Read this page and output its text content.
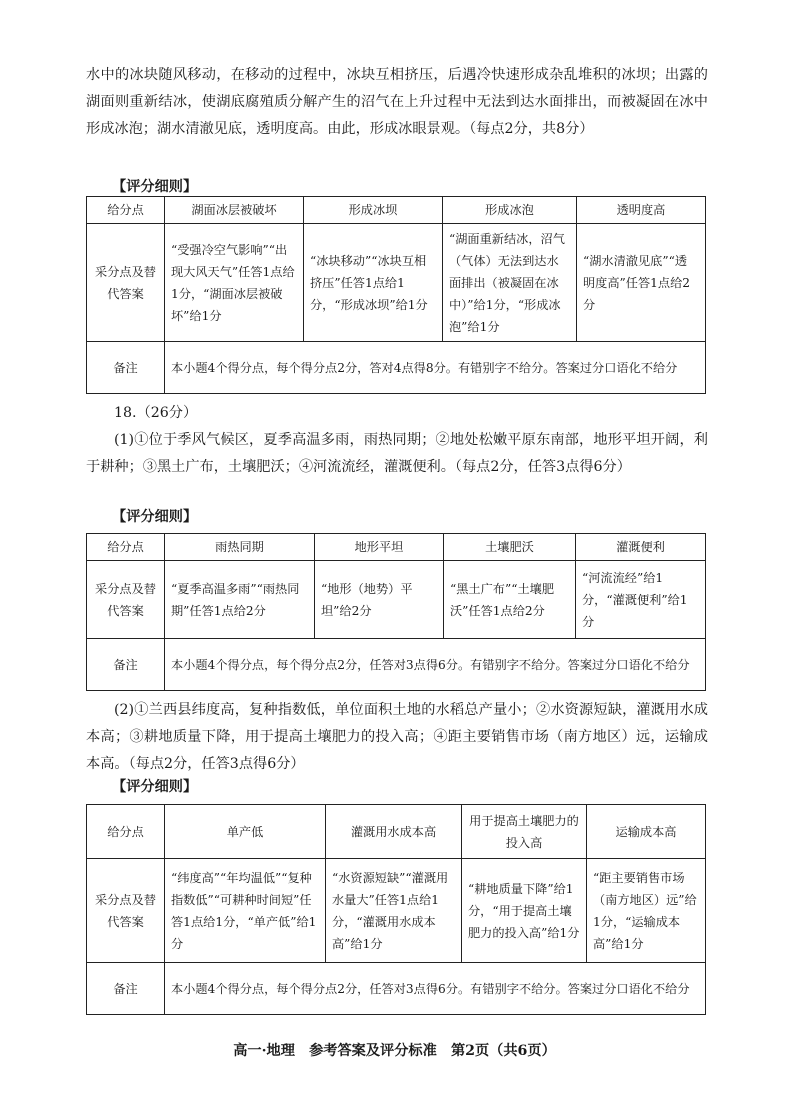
水中的冰块随风移动，在移动的过程中，冰块互相挤压，后遇冷快速形成杂乱堆积的冰坝；出露的湖面则重新结冰，使湖底腐殖质分解产生的沼气在上升过程中无法到达水面排出，而被凝固在冰中形成冰泡；湖水清澈见底，透明度高。由此，形成冰眼景观。（每点2分，共8分）

【评分细则】

给分点	湖面冰层被破坏	形成冰坝	形成冰泡	透明度高
采分点及替代答案	“受强冷空气影响”“出现大风天气”任答1点给1分，“湖面冰层被破坏”给1分	“冰块移动”“冰块互相挤压”任答1点给1分，“形成冰坝”给1分	“湖面重新结冰，沼气（气体）无法到达水面排出（被凝固在冰中）”给1分，“形成冰泡”给1分	“湖水清澈见底”“透明度高”任答1点给2分
备注	本小题4个得分点，每个得分点2分，答对4点得8分。有错别字不给分。答案过分口语化不给分			

18.（26分）

(1)①位于季风气候区，夏季高温多雨，雨热同期；②地处松嫩平原东南部，地形平坦开阔，利于耕种；③黑土广布，土壤肥沃；④河流流经，灌溉便利。（每点2分，任答3点得6分）

【评分细则】

给分点	雨热同期	地形平坦	土壤肥沃	灌溉便利
采分点及替代答案	“夏季高温多雨”“雨热同期”任答1点给2分	“地形（地势）平坦”给2分	“黑土广布”“土壤肥沃”任答1点给2分	“河流流经”给1分，“灌溉便利”给1分
备注	本小题4个得分点，每个得分点2分，任答对3点得6分。有错别字不给分。答案过分口语化不给分			

(2)①兰西县纬度高，复种指数低，单位面积土地的水稻总产量小；②水资源短缺，灌溉用水成本高；③耕地质量下降，用于提高土壤肥力的投入高；④距主要销售市场（南方地区）远，运输成本高。（每点2分，任答3点得6分）

【评分细则】

给分点	单产低	灌溉用水成本高	用于提高土壤肥力的投入高	运输成本高
采分点及替代答案	“纬度高”“年均温低”“复种指数低”“可耕种时间短”任答1点给1分，“单产低”给1分	“水资源短缺”“灌溉用水量大”任答1点给1分，“灌溉用水成本高”给1分	“耕地质量下降”给1分，“用于提高土壤肥力的投入高”给1分	“距主要销售市场（南方地区）远”给1分，“运输成本高”给1分
备注	本小题4个得分点，每个得分点2分，任答对3点得6分。有错别字不给分。答案过分口语化不给分			

高一·地理　参考答案及评分标准　第2页（共6页）
